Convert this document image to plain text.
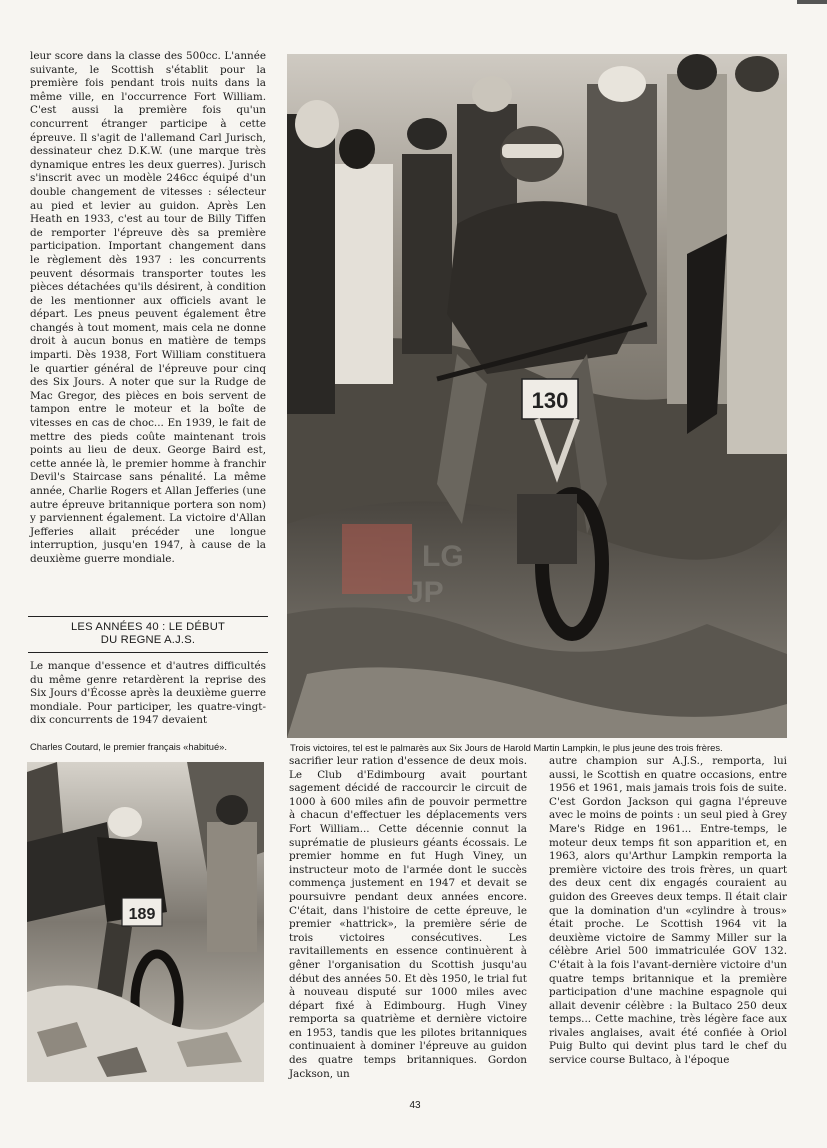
leur score dans la classe des 500cc. L'année suivante, le Scottish s'établit pour la première fois pendant trois nuits dans la même ville, en l'occurrence Fort William. C'est aussi la première fois qu'un concurrent étranger participe à cette épreuve. Il s'agit de l'allemand Carl Jurisch, dessinateur chez D.K.W. (une marque très dynamique entres les deux guerres). Jurisch s'inscrit avec un modèle 246cc équipé d'un double changement de vitesses : sélecteur au pied et levier au guidon. Après Len Heath en 1933, c'est au tour de Billy Tiffen de remporter l'épreuve dès sa première participation. Important changement dans le règlement dès 1937 : les concurrents peuvent désormais transporter toutes les pièces détachées qu'ils désirent, à condition de les mentionner aux officiels avant le départ. Les pneus peuvent également être changés à tout moment, mais cela ne donne droit à aucun bonus en matière de temps imparti. Dès 1938, Fort William constituera le quartier général de l'épreuve pour cinq des Six Jours. A noter que sur la Rudge de Mac Gregor, des pièces en bois servent de tampon entre le moteur et la boîte de vitesses en cas de choc... En 1939, le fait de mettre des pieds coûte maintenant trois points au lieu de deux. George Baird est, cette année là, le premier homme à franchir Devil's Staircase sans pénalité. La même année, Charlie Rogers et Allan Jefferies (une autre épreuve britannique portera son nom) y parviennent également. La victoire d'Allan Jefferies allait précéder une longue interruption, jusqu'en 1947, à cause de la deuxième guerre mondiale.

LES ANNÉES 40 : LE DÉBUT
DU REGNE A.J.S.

Le manque d'essence et d'autres difficultés du même genre retardèrent la reprise des Six Jours d'Écosse après la deuxième guerre mondiale. Pour participer, les quatre-vingt-dix concurrents de 1947 devaient

Charles Coutard, le premier français «habitué».
130
LG
JP
Trois victoires, tel est le palmarès aux Six Jours de Harold Martin Lampkin, le plus jeune des trois frères.
189

sacrifier leur ration d'essence de deux mois. Le Club d'Edimbourg avait pourtant sagement décidé de raccourcir le circuit de 1000 à 600 miles afin de pouvoir permettre à chacun d'effectuer les déplacements vers Fort William... Cette décennie connut la suprématie de plusieurs géants écossais. Le premier homme en fut Hugh Viney, un instructeur moto de l'armée dont le succès commença justement en 1947 et devait se poursuivre pendant deux années encore. C'était, dans l'histoire de cette épreuve, le premier «hattrick», la première série de trois victoires consécutives. Les ravitaillements en essence continuèrent à gêner l'organisation du Scottish jusqu'au début des années 50. Et dès 1950, le trial fut à nouveau disputé sur 1000 miles avec départ fixé à Edimbourg. Hugh Viney remporta sa quatrième et dernière victoire en 1953, tandis que les pilotes britanniques continuaient à dominer l'épreuve au guidon des quatre temps britanniques. Gordon Jackson, un

autre champion sur A.J.S., remporta, lui aussi, le Scottish en quatre occasions, entre 1956 et 1961, mais jamais trois fois de suite. C'est Gordon Jackson qui gagna l'épreuve avec le moins de points : un seul pied à Grey Mare's Ridge en 1961... Entre-temps, le moteur deux temps fit son apparition et, en 1963, alors qu'Arthur Lampkin remporta la première victoire des trois frères, un quart des deux cent dix engagés couraient au guidon des Greeves deux temps. Il était clair que la domination d'un «cylindre à trous» était proche. Le Scottish 1964 vit la deuxième victoire de Sammy Miller sur la célèbre Ariel 500 immatriculée GOV 132. C'était à la fois l'avant-dernière victoire d'un quatre temps britannique et la première participation d'une machine espagnole qui allait devenir célèbre : la Bultaco 250 deux temps... Cette machine, très légère face aux rivales anglaises, avait été confiée à Oriol Puig Bulto qui devint plus tard le chef du service course Bultaco, à l'époque

43
